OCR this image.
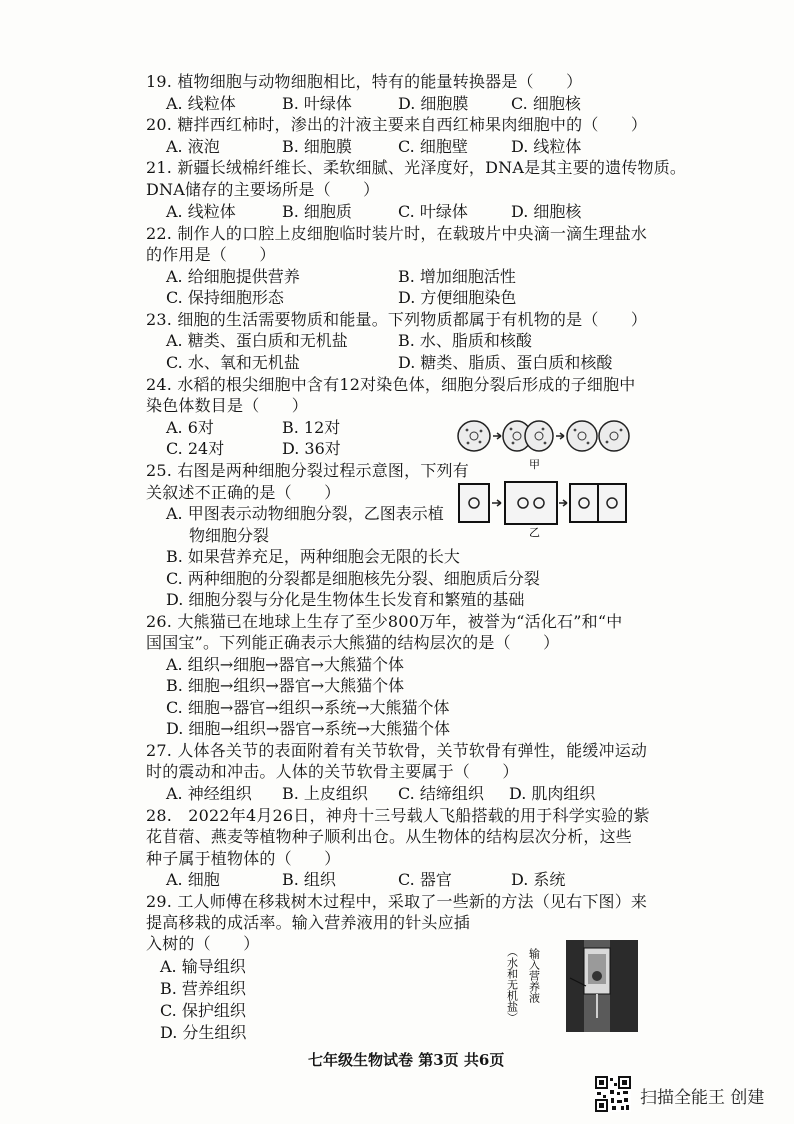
19. 植物细胞与动物细胞相比，特有的能量转换器是（　　）
A. 线粒体	B. 叶绿体	D. 细胞膜	C. 细胞核
20. 糖拌西红柿时，渗出的汁液主要来自西红柿果肉细胞中的（　　）
A. 液泡	B. 细胞膜	C. 细胞壁	D. 线粒体
21. 新疆长绒棉纤维长、柔软细腻、光泽度好，DNA是其主要的遗传物质。
DNA储存的主要场所是（　　）
A. 线粒体	B. 细胞质	C. 叶绿体	D. 细胞核
22. 制作人的口腔上皮细胞临时装片时，在载玻片中央滴一滴生理盐水
的作用是（　　）
A. 给细胞提供营养	B. 增加细胞活性
C. 保持细胞形态	D. 方便细胞染色
23. 细胞的生活需要物质和能量。下列物质都属于有机物的是（　　）
A. 糖类、蛋白质和无机盐	B. 水、脂质和核酸
C. 水、氧和无机盐	D. 糖类、脂质、蛋白质和核酸
24. 水稻的根尖细胞中含有12对染色体，细胞分裂后形成的子细胞中
染色体数目是（　　）
A. 6对	B. 12对
C. 24对	D. 36对
甲
乙
25. 右图是两种细胞分裂过程示意图，下列有
关叙述不正确的是（　　）
A. 甲图表示动物细胞分裂，乙图表示植
物细胞分裂
B. 如果营养充足，两种细胞会无限的长大
C. 两种细胞的分裂都是细胞核先分裂、细胞质后分裂
D. 细胞分裂与分化是生物体生长发育和繁殖的基础
26. 大熊猫已在地球上生存了至少800万年，被誉为“活化石”和“中
国国宝”。下列能正确表示大熊猫的结构层次的是（　　）
A. 组织→细胞→器官→大熊猫个体
B. 细胞→组织→器官→大熊猫个体
C. 细胞→器官→组织→系统→大熊猫个体
D. 细胞→组织→器官→系统→大熊猫个体
27. 人体各关节的表面附着有关节软骨，关节软骨有弹性，能缓冲运动
时的震动和冲击。人体的关节软骨主要属于（　　）
A. 神经组织 B. 上皮组织 C. 结缔组织 D. 肌肉组织
28.　2022年4月26日，神舟十三号载人飞船搭载的用于科学实验的紫
花苜蓿、燕麦等植物种子顺利出仓。从生物体的结构层次分析，这些
种子属于植物体的（　　）
A. 细胞	B. 组织	C. 器官	D. 系统
29. 工人师傅在移栽树木过程中，采取了一些新的方法（见右下图）来
提高移栽的成活率。输入营养液用的针头应插
入树的（　　）
A. 输导组织
B. 营养组织
C. 保护组织
D. 分生组织
输入营养液
（水和无机盐）
七年级生物试卷 第3页 共6页
扫描全能王 创建
